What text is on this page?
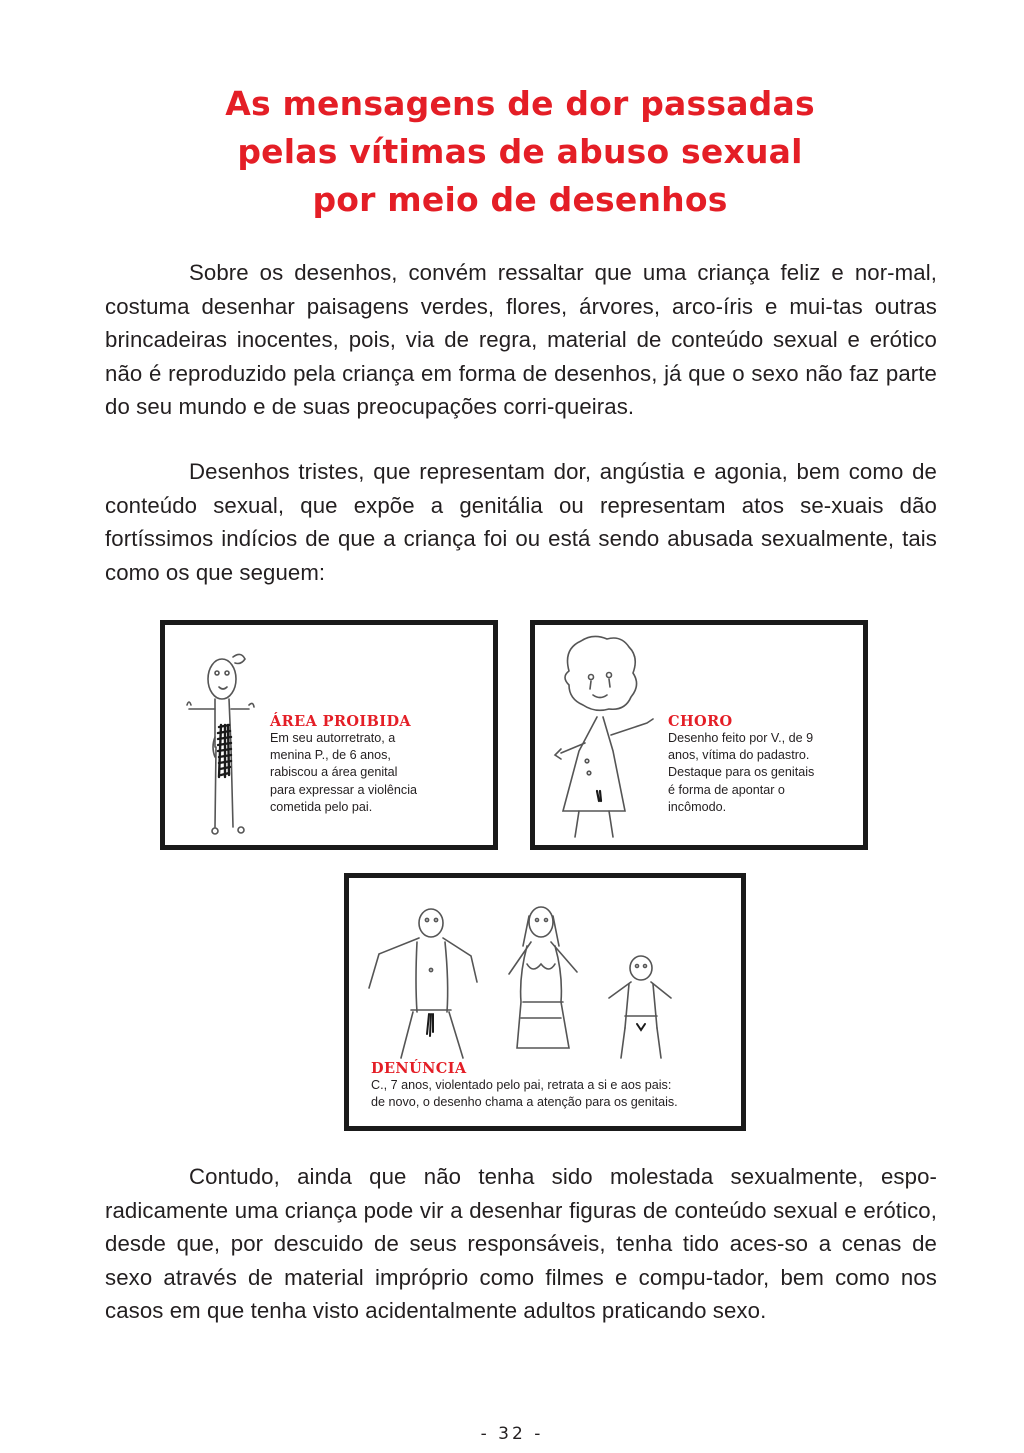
As mensagens de dor passadas
pelas vítimas de abuso sexual
por meio de desenhos

Sobre os desenhos, convém ressaltar que uma criança feliz e nor-mal, costuma desenhar paisagens verdes, flores, árvores, arco-íris e mui-tas outras brincadeiras inocentes, pois, via de regra, material de conteúdo sexual e erótico não é reproduzido pela criança em forma de desenhos, já que o sexo não faz parte do seu mundo e de suas preocupações corri-queiras.

Desenhos tristes, que representam dor, angústia e agonia, bem como de conteúdo sexual, que expõe a genitália ou representam atos se-xuais dão fortíssimos indícios de que a criança foi ou está sendo abusada sexualmente, tais como os que seguem:

ÁREA PROIBIDA
Em seu autorretrato, a
menina P., de 6 anos,
rabiscou a área genital
para expressar a violência
cometida pelo pai.
CHORO
Desenho feito por V., de 9
anos, vítima do padastro.
Destaque para os genitais
é forma de apontar o
incômodo.
DENÚNCIA
C., 7 anos, violentado pelo pai, retrata a si e aos pais:
de novo, o desenho chama a atenção para os genitais.

Contudo, ainda que não tenha sido molestada sexualmente, espo-radicamente uma criança pode vir a desenhar figuras de conteúdo sexual e erótico, desde que, por descuido de seus responsáveis, tenha tido aces-so a cenas de sexo através de material impróprio como filmes e compu-tador, bem como nos casos em que tenha visto acidentalmente adultos praticando sexo.

- 32 -
